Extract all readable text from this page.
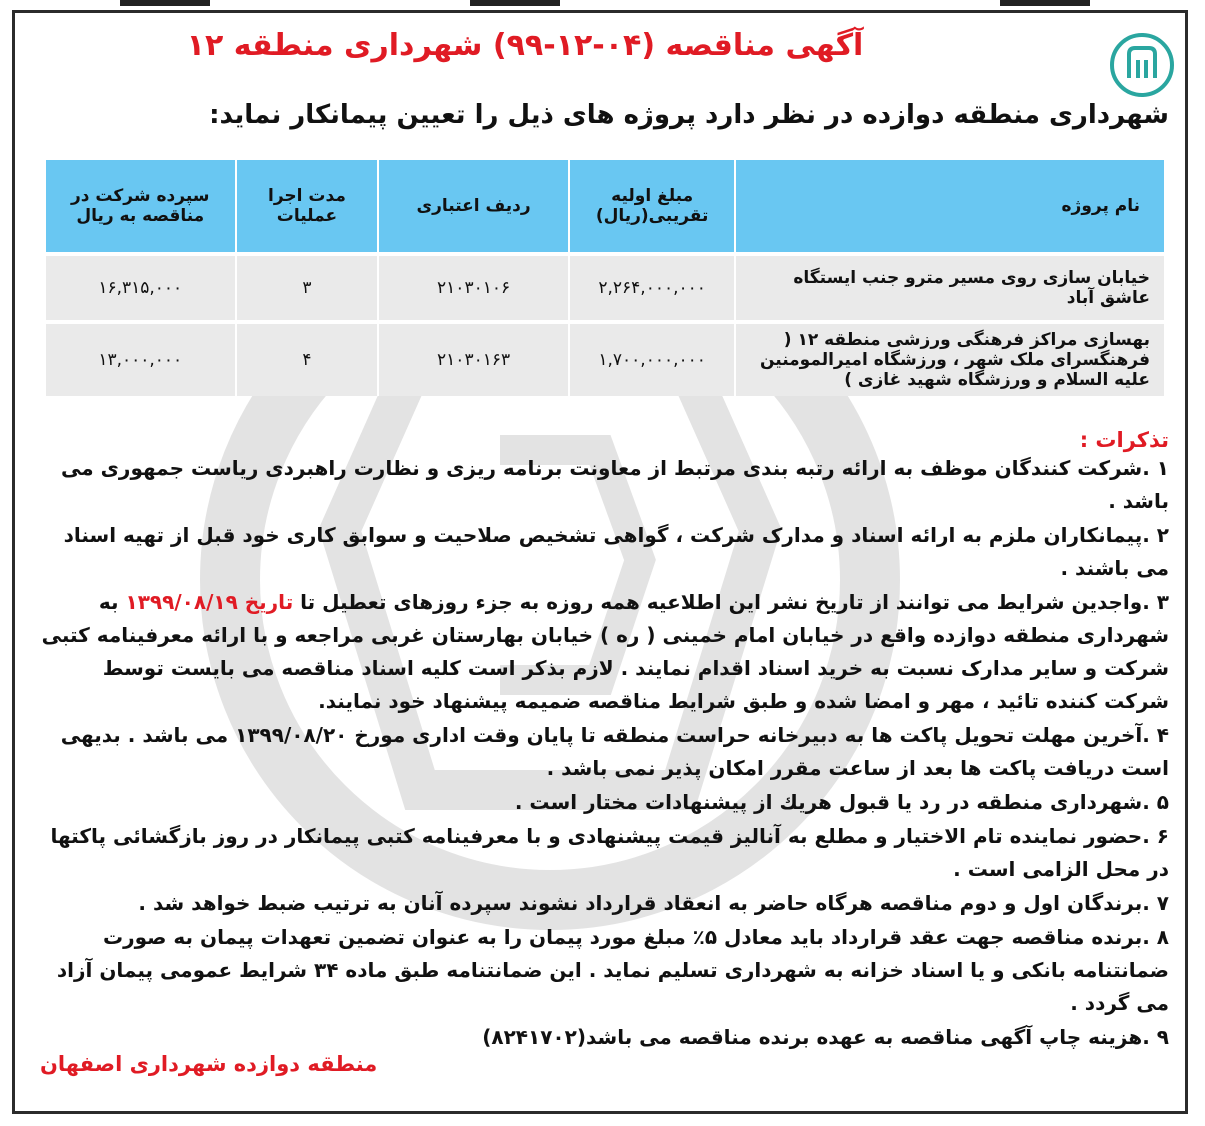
آگهی مناقصه (۰۴-۱۲-۹۹) شهرداری منطقه ۱۲
شهرداری منطقه دوازده در نظر دارد پروژه های ذیل را تعیین پیمانکار نماید:
نام پروژه	مبلغ اولیه تقریبی(ریال)	ردیف اعتباری	مدت اجرا عملیات	سپرده شرکت در مناقصه به ریال
خیابان سازی روی مسیر مترو جنب ایستگاه عاشق آباد	۲,۲۶۴,۰۰۰,۰۰۰	۲۱۰۳۰۱۰۶	۳	۱۶,۳۱۵,۰۰۰
بهسازی مراکز فرهنگی ورزشی منطقه ۱۲ ( فرهنگسرای ملک شهر ، ورزشگاه امیرالمومنین علیه السلام و ورزشگاه شهید غازی )	۱,۷۰۰,۰۰۰,۰۰۰	۲۱۰۳۰۱۶۳	۴	۱۳,۰۰۰,۰۰۰
تذکرات :

۱ .شرکت کنندگان موظف به ارائه رتبه بندی مرتبط از معاونت برنامه ریزی و نظارت راهبردی ریاست جمهوری می باشد .

۲ .پیمانکاران ملزم به ارائه اسناد و مدارک شرکت ، گواهی تشخیص صلاحیت و سوابق کاری خود قبل از تهیه اسناد می باشند .

۳ .واجدین شرایط می توانند از تاریخ نشر این اطلاعیه همه روزه به جزء روزهای تعطیل تا تاریخ ۱۳۹۹/۰۸/۱۹ به شهرداری منطقه دوازده واقع در خیابان امام خمینی ( ره ) خیابان بهارستان غربی مراجعه و با ارائه معرفینامه کتبی شرکت و سایر مدارک نسبت به خرید اسناد اقدام نمایند . لازم بذکر است کلیه اسناد مناقصه می بایست توسط شرکت کننده تائید ، مهر و امضا شده و طبق شرایط مناقصه ضمیمه پیشنهاد خود نمایند.

۴ .آخرین مهلت تحویل پاکت ها به دبیرخانه حراست منطقه تا پایان وقت اداری مورخ ۱۳۹۹/۰۸/۲۰ می باشد . بدیهی است دریافت پاکت ها بعد از ساعت مقرر امکان پذیر نمی باشد .

۵ .شهرداری منطقه در رد یا قبول هریك از پیشنهادات مختار است .

۶ .حضور نماینده تام الاختیار و مطلع به آنالیز قیمت پیشنهادی و با معرفینامه کتبی پیمانکار در روز بازگشائی پاکتها در محل الزامی است .

۷ .برندگان اول و دوم مناقصه هرگاه حاضر به انعقاد قرارداد نشوند سپرده آنان به ترتیب ضبط خواهد شد .

۸ .برنده مناقصه جهت عقد قرارداد باید معادل ۵٪ مبلغ مورد پیمان را به عنوان تضمین تعهدات پیمان به صورت ضمانتنامه بانکی و یا اسناد خزانه به شهرداری تسلیم نماید . این ضمانتنامه طبق ماده ۳۴ شرایط عمومی پیمان آزاد می گردد .

۹ .هزینه چاپ آگهی مناقصه به عهده برنده مناقصه می باشد(۸۲۴۱۷۰۲)

منطقه دوازده شهرداری اصفهان
